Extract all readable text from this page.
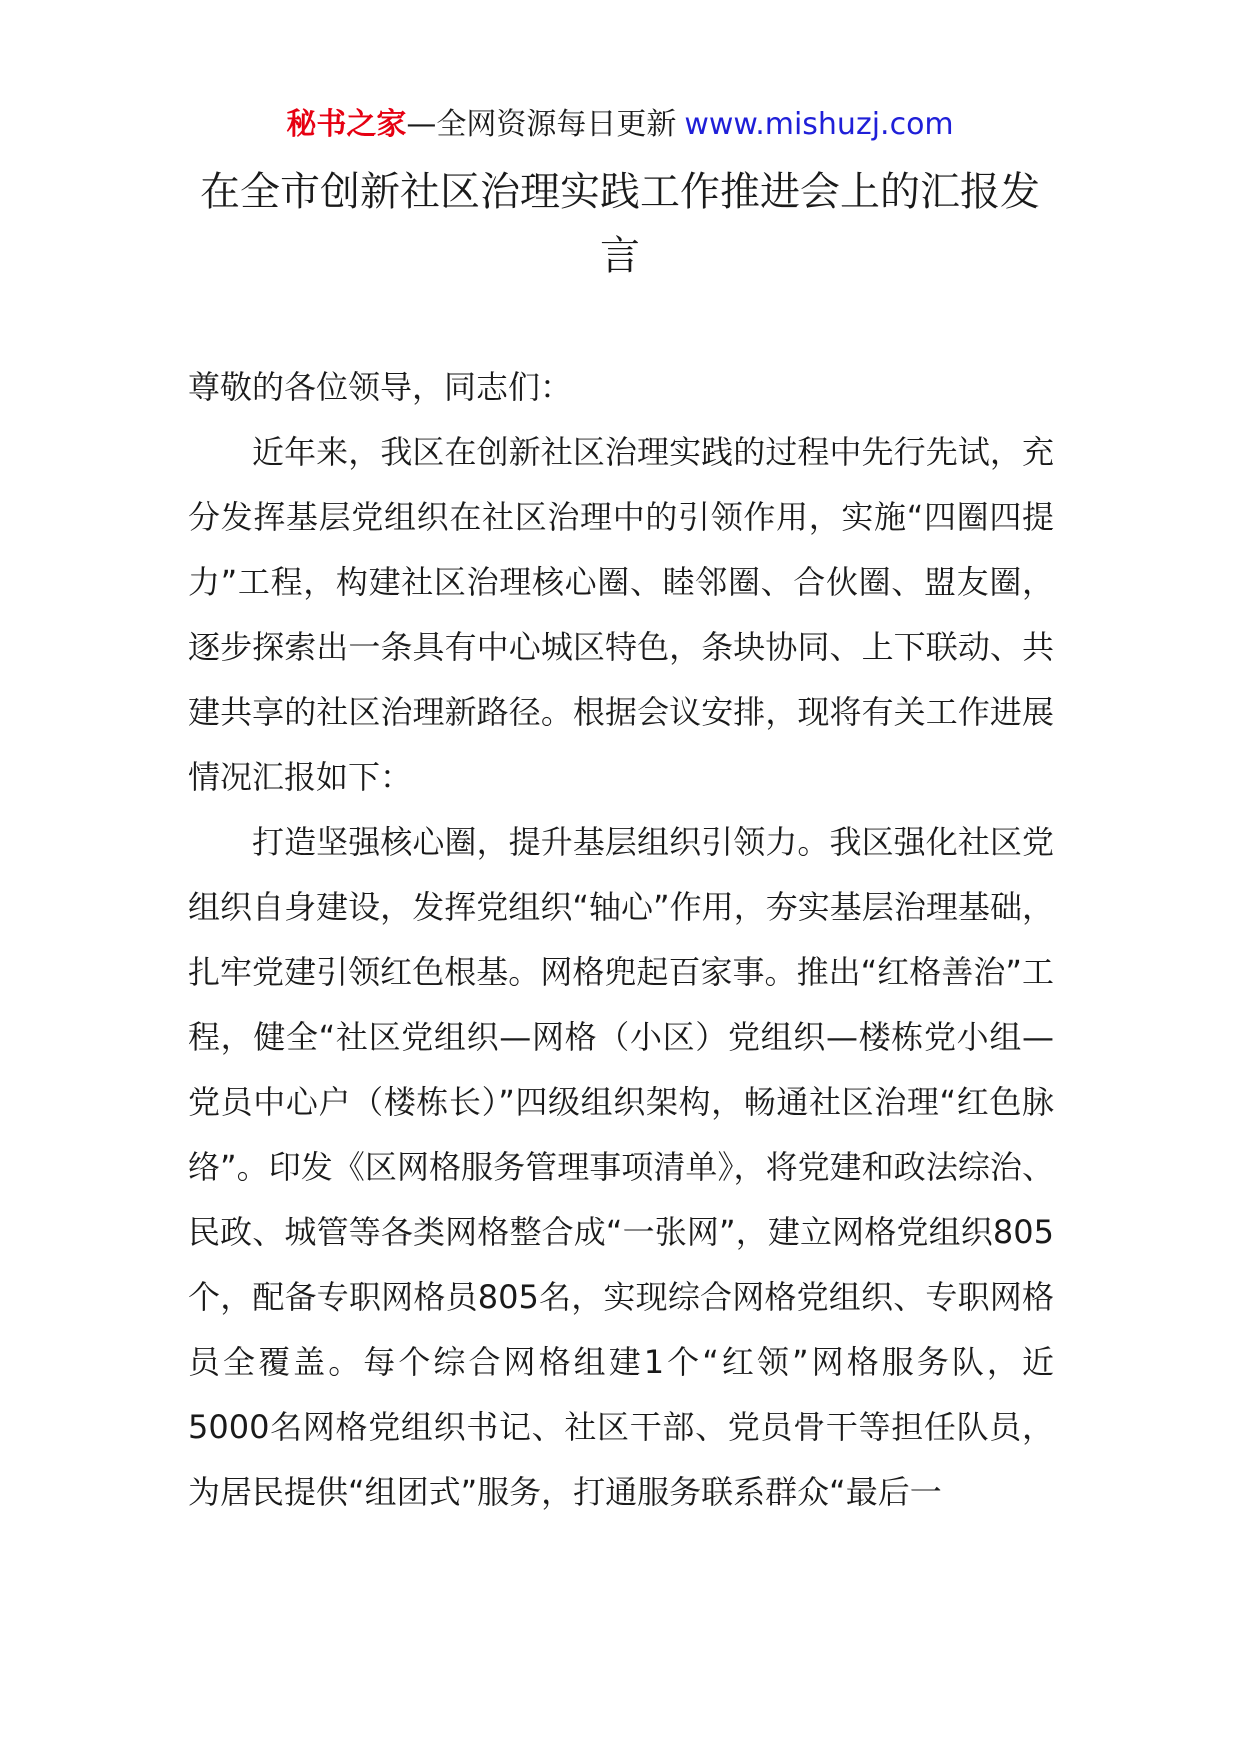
秘书之家—全网资源每日更新 www.mishuzj.com
在全市创新社区治理实践工作推进会上的汇报发言

尊敬的各位领导，同志们：

近年来，我区在创新社区治理实践的过程中先行先试，充分发挥基层党组织在社区治理中的引领作用，实施“四圈四提力”工程，构建社区治理核心圈、睦邻圈、合伙圈、盟友圈，逐步探索出一条具有中心城区特色，条块协同、上下联动、共建共享的社区治理新路径。根据会议安排，现将有关工作进展情况汇报如下：

打造坚强核心圈，提升基层组织引领力。我区强化社区党组织自身建设，发挥党组织“轴心”作用，夯实基层治理基础，扎牢党建引领红色根基。网格兜起百家事。推出“红格善治”工程，健全“社区党组织—网格（小区）党组织—楼栋党小组—党员中心户（楼栋长）”四级组织架构，畅通社区治理“红色脉络”。印发《区网格服务管理事项清单》，将党建和政法综治、民政、城管等各类网格整合成“一张网”，建立网格党组织805个，配备专职网格员805名，实现综合网格党组织、专职网格员全覆盖。每个综合网格组建1个“红领”网格服务队，近5000名网格党组织书记、社区干部、党员骨干等担任队员，为居民提供“组团式”服务，打通服务联系群众“最后一
